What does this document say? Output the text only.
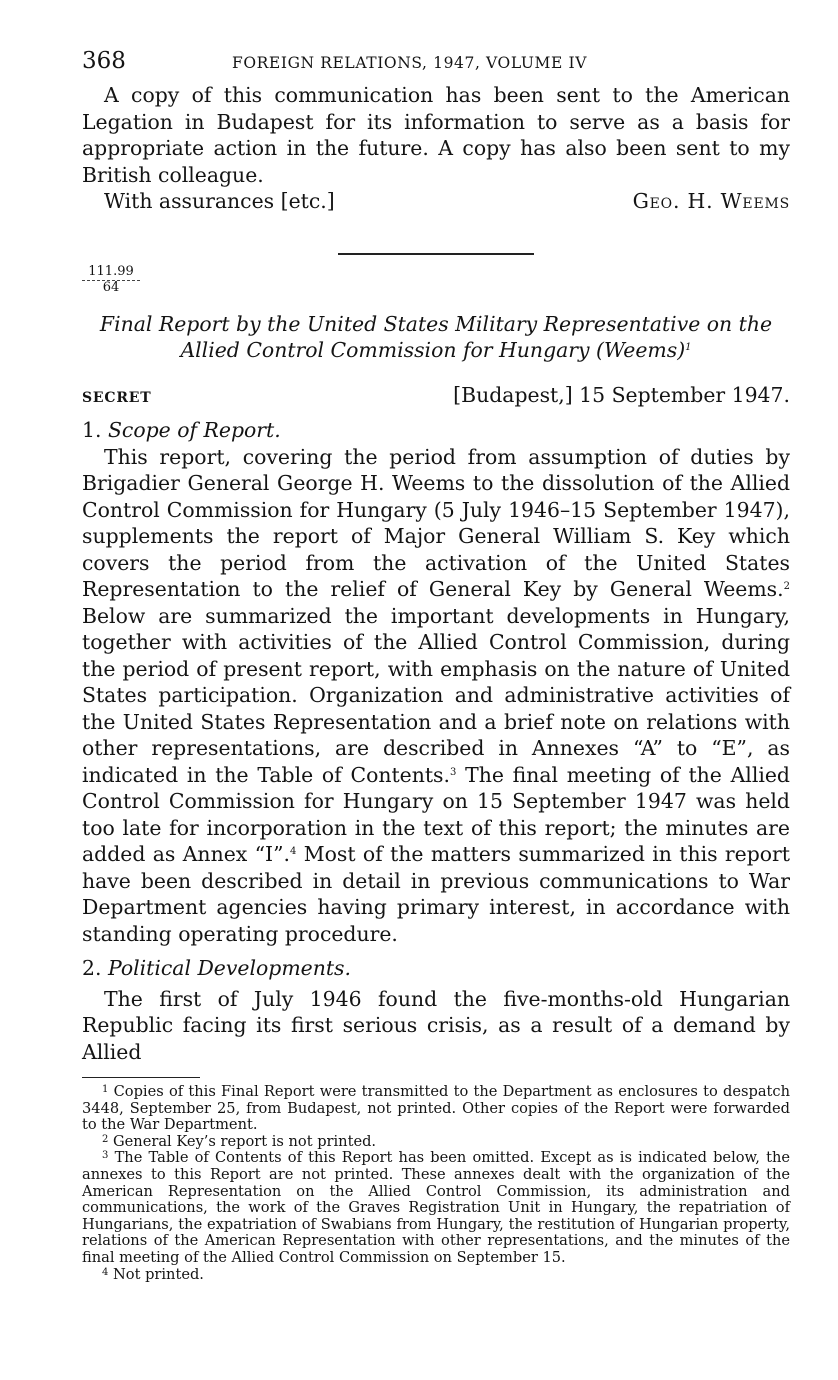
368	FOREIGN RELATIONS, 1947, VOLUME IV

A copy of this communication has been sent to the American Legation in Budapest for its information to serve as a basis for appropriate action in the future. A copy has also been sent to my British colleague.

With assurances [etc.]	Geo. H. Weems
111.99
64

Final Report by the United States Military Representative on the Allied Control Commission for Hungary (Weems)$^1$

SECRET	[Budapest,] 15 September 1947.

1. Scope of Report.

This report, covering the period from assumption of duties by Brigadier General George H. Weems to the dissolution of the Allied Control Commission for Hungary (5 July 1946–15 September 1947), supplements the report of Major General William S. Key which covers the period from the activation of the United States Representation to the relief of General Key by General Weems.$^2$ Below are summarized the important developments in Hungary, together with activities of the Allied Control Commission, during the period of present report, with emphasis on the nature of United States participation. Organization and administrative activities of the United States Representation and a brief note on relations with other representations, are described in Annexes “A” to “E”, as indicated in the Table of Contents.$^3$ The final meeting of the Allied Control Commission for Hungary on 15 September 1947 was held too late for incorporation in the text of this report; the minutes are added as Annex “I”.$^4$ Most of the matters summarized in this report have been described in detail in previous communications to War Department agencies having primary interest, in accordance with standing operating procedure.

2. Political Developments.

The first of July 1946 found the five-months-old Hungarian Republic facing its first serious crisis, as a result of a demand by Allied

$^1$ Copies of this Final Report were transmitted to the Department as enclosures to despatch 3448, September 25, from Budapest, not printed. Other copies of the Report were forwarded to the War Department.

$^2$ General Key’s report is not printed.

$^3$ The Table of Contents of this Report has been omitted. Except as is indicated below, the annexes to this Report are not printed. These annexes dealt with the organization of the American Representation on the Allied Control Commission, its administration and communications, the work of the Graves Registration Unit in Hungary, the repatriation of Hungarians, the expatriation of Swabians from Hungary, the restitution of Hungarian property, relations of the American Representation with other representations, and the minutes of the final meeting of the Allied Control Commission on September 15.

$^4$ Not printed.
